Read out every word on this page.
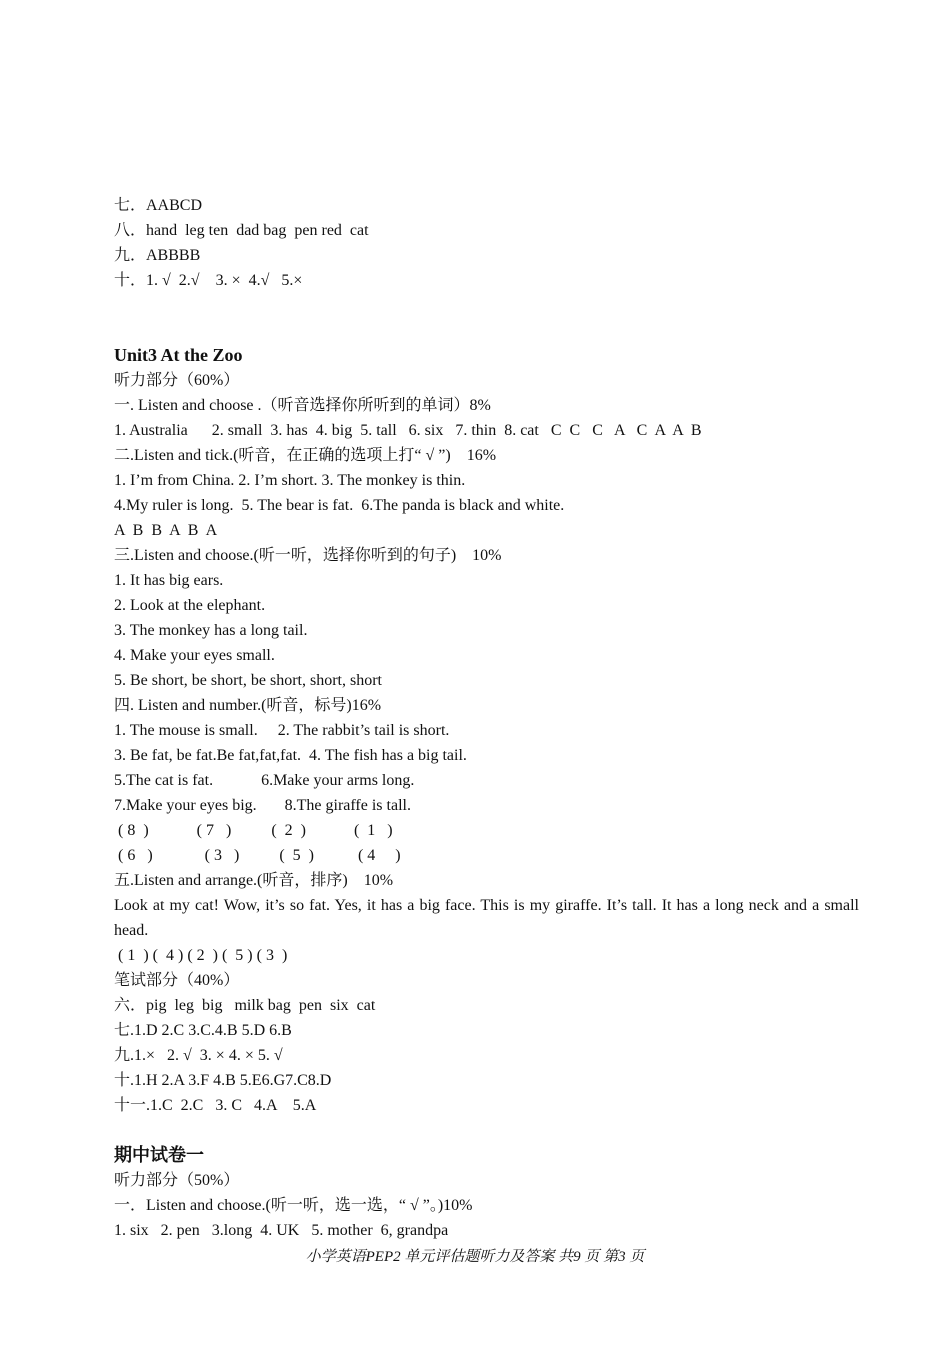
七．AABCD
八．hand  leg ten  dad bag  pen red  cat
九．ABBBB
十．1. √  2.√    3. ×  4.√   5.×
Unit3 At the Zoo
听力部分（60%）
一. Listen and choose .（听音选择你所听到的单词）8%
1. Australia      2. small  3. has  4. big  5. tall   6. six   7. thin  8. cat   C  C   C   A   C  A  A  B
二.Listen and tick.(听音，在正确的选项上打“ √ ”)    16%
1. I’m from China. 2. I’m short. 3. The monkey is thin.
4.My ruler is long.  5. The bear is fat.  6.The panda is black and white.
A  B  B  A  B  A
三.Listen and choose.(听一听，选择你听到的句子)    10%
1. It has big ears.
2. Look at the elephant.
3. The monkey has a long tail.
4. Make your eyes small.
5. Be short, be short, be short, short, short
四. Listen and number.(听音，标号)16%
1. The mouse is small.     2. The rabbit’s tail is short.
3. Be fat, be fat.Be fat,fat,fat.  4. The fish has a big tail.
5.The cat is fat.            6.Make your arms long.
7.Make your eyes big.       8.The giraffe is tall.
( 8  )            ( 7   )          (  2  )            (  1   )
( 6   )             ( 3   )          (  5  )           ( 4     )
五.Listen and arrange.(听音，排序)    10%
Look at my cat! Wow, it’s so fat. Yes, it has a big face. This is my giraffe. It’s tall. It has a long neck and a small head.
( 1  ) (  4 ) ( 2  ) (  5 ) ( 3  )
笔试部分（40%）
六．pig  leg  big   milk bag  pen  six  cat
七.1.D 2.C 3.C.4.B 5.D 6.B
九.1.×   2. √  3. × 4. × 5. √
十.1.H 2.A 3.F 4.B 5.E6.G7.C8.D
十一.1.C  2.C   3. C   4.A    5.A
期中试卷一
听力部分（50%）
一．Listen and choose.(听一听，选一选，“ √ ”。)10%
1. six   2. pen   3.long  4. UK   5. mother  6, grandpa
小学英语PEP2 单元评估题听力及答案 共9 页 第3 页
